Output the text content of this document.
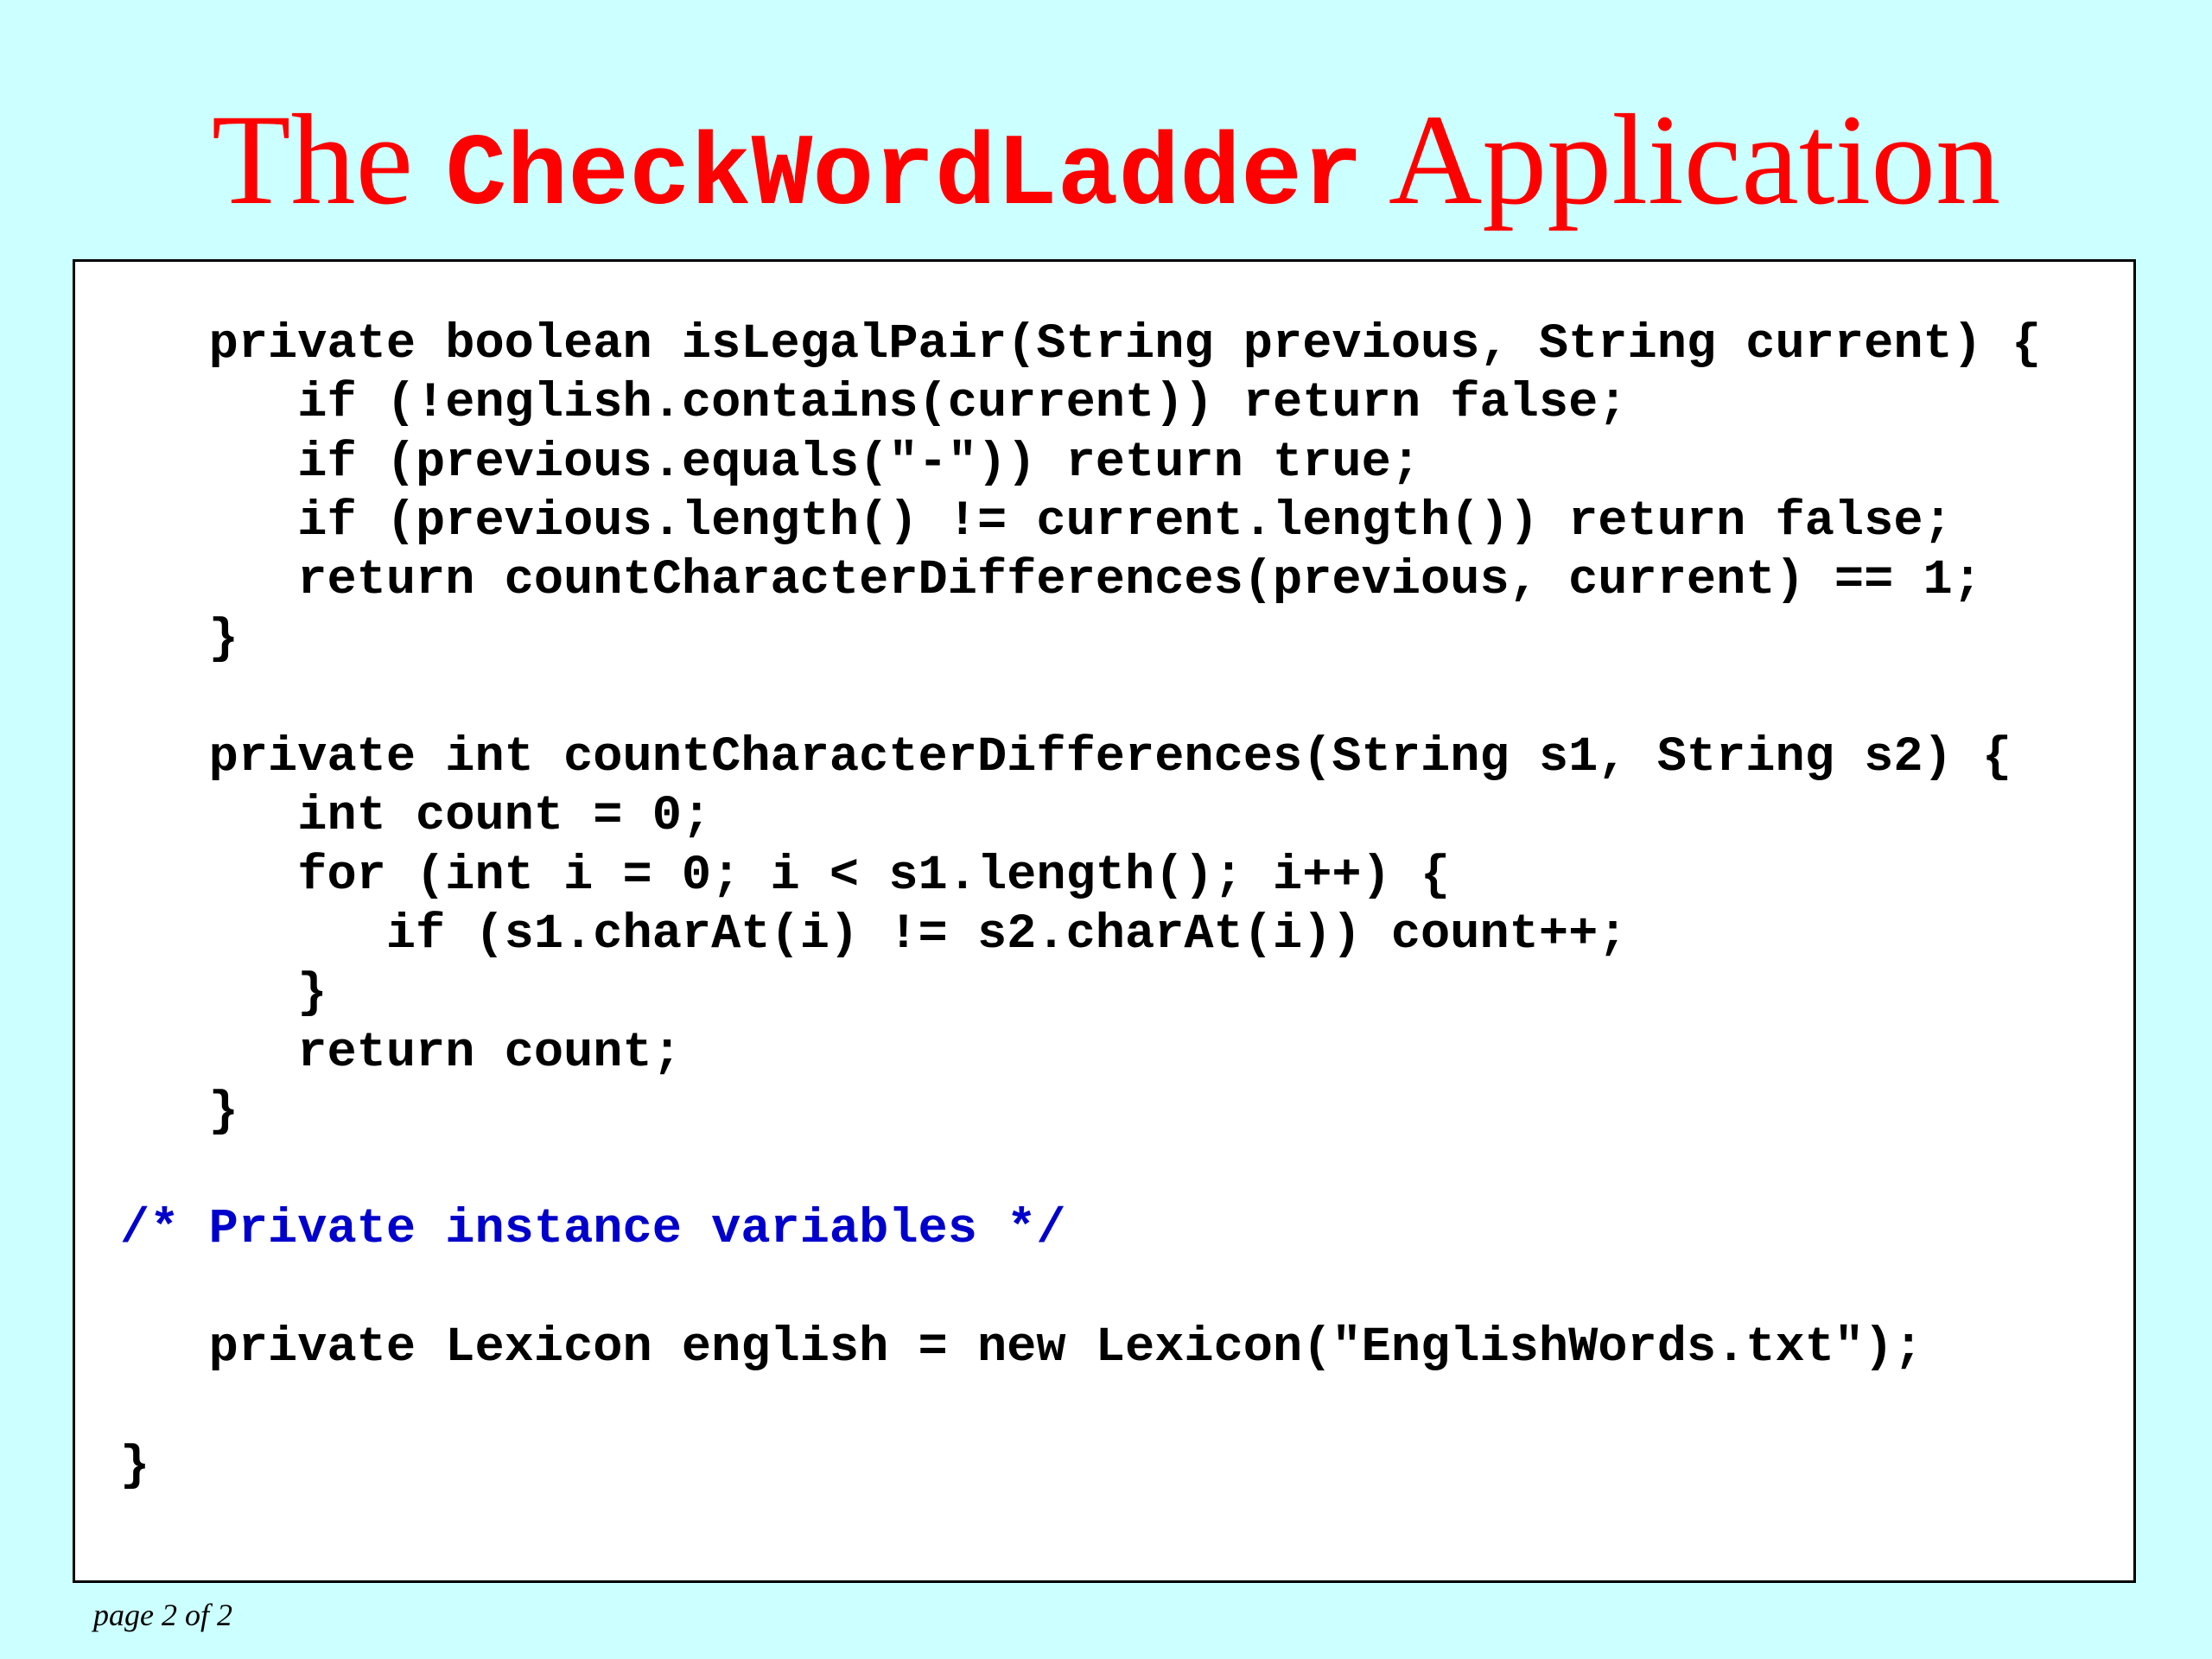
The CheckWordLadder Application
private boolean isLegalPair(String previous, String current) {
if (!english.contains(current)) return false;
if (previous.equals("-")) return true;
if (previous.length() != current.length()) return false;
return countCharacterDifferences(previous, current) == 1;
}
private int countCharacterDifferences(String s1, String s2) {
int count = 0;
for (int i = 0; i < s1.length(); i++) {
if (s1.charAt(i) != s2.charAt(i)) count++;
}
return count;
}
/* Private instance variables */
private Lexicon english = new Lexicon("EnglishWords.txt");
}
page 2 of 2
